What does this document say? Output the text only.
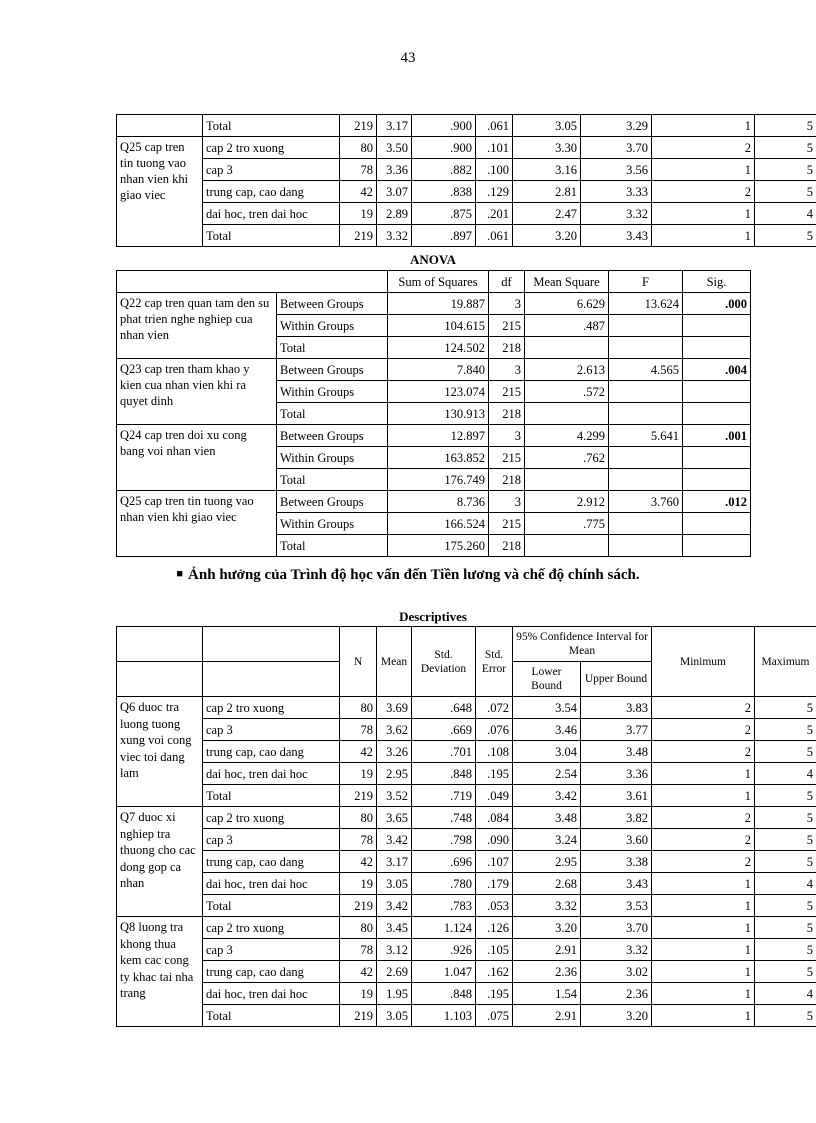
43
	Total	219	3.17	.900	.061	3.05	3.29	1	5
Q25 cap tren tin tuong vao nhan vien khi giao viec	cap 2 tro xuong	80	3.50	.900	.101	3.30	3.70	2	5
	cap 3	78	3.36	.882	.100	3.16	3.56	1	5
	trung cap, cao dang	42	3.07	.838	.129	2.81	3.33	2	5
	dai hoc, tren dai hoc	19	2.89	.875	.201	2.47	3.32	1	4
	Total	219	3.32	.897	.061	3.20	3.43	1	5
ANOVA
		Sum of Squares	df	Mean Square	F	Sig.
Q22 cap tren quan tam den su phat trien nghe nghiep cua nhan vien	Between Groups	19.887	3	6.629	13.624	.000
	Within Groups	104.615	215	.487		
	Total	124.502	218			
Q23 cap tren tham khao y kien cua nhan vien khi ra quyet dinh	Between Groups	7.840	3	2.613	4.565	.004
	Within Groups	123.074	215	.572		
	Total	130.913	218			
Q24 cap tren doi xu cong bang voi nhan vien	Between Groups	12.897	3	4.299	5.641	.001
	Within Groups	163.852	215	.762		
	Total	176.749	218			
Q25 cap tren tin tuong vao nhan vien khi giao viec	Between Groups	8.736	3	2.912	3.760	.012
	Within Groups	166.524	215	.775		
	Total	175.260	218			
■ Ảnh hưởng của Trình độ học vấn đến Tiền lương và chế độ chính sách.
Descriptives
		N	Mean	Std. Deviation	Std. Error	95% Confidence Interval for Mean		Minimum	Maximum
						Lower Bound	Upper Bound		
Q6 duoc tra luong tuong xung voi cong viec toi dang lam	cap 2 tro xuong	80	3.69	.648	.072	3.54	3.83	2	5
	cap 3	78	3.62	.669	.076	3.46	3.77	2	5
	trung cap, cao dang	42	3.26	.701	.108	3.04	3.48	2	5
	dai hoc, tren dai hoc	19	2.95	.848	.195	2.54	3.36	1	4
	Total	219	3.52	.719	.049	3.42	3.61	1	5
Q7 duoc xi nghiep tra thuong cho cac dong gop ca nhan	cap 2 tro xuong	80	3.65	.748	.084	3.48	3.82	2	5
	cap 3	78	3.42	.798	.090	3.24	3.60	2	5
	trung cap, cao dang	42	3.17	.696	.107	2.95	3.38	2	5
	dai hoc, tren dai hoc	19	3.05	.780	.179	2.68	3.43	1	4
	Total	219	3.42	.783	.053	3.32	3.53	1	5
Q8 luong tra khong thua kem cac cong ty khac tai nha trang	cap 2 tro xuong	80	3.45	1.124	.126	3.20	3.70	1	5
	cap 3	78	3.12	.926	.105	2.91	3.32	1	5
	trung cap, cao dang	42	2.69	1.047	.162	2.36	3.02	1	5
	dai hoc, tren dai hoc	19	1.95	.848	.195	1.54	2.36	1	4
	Total	219	3.05	1.103	.075	2.91	3.20	1	5
